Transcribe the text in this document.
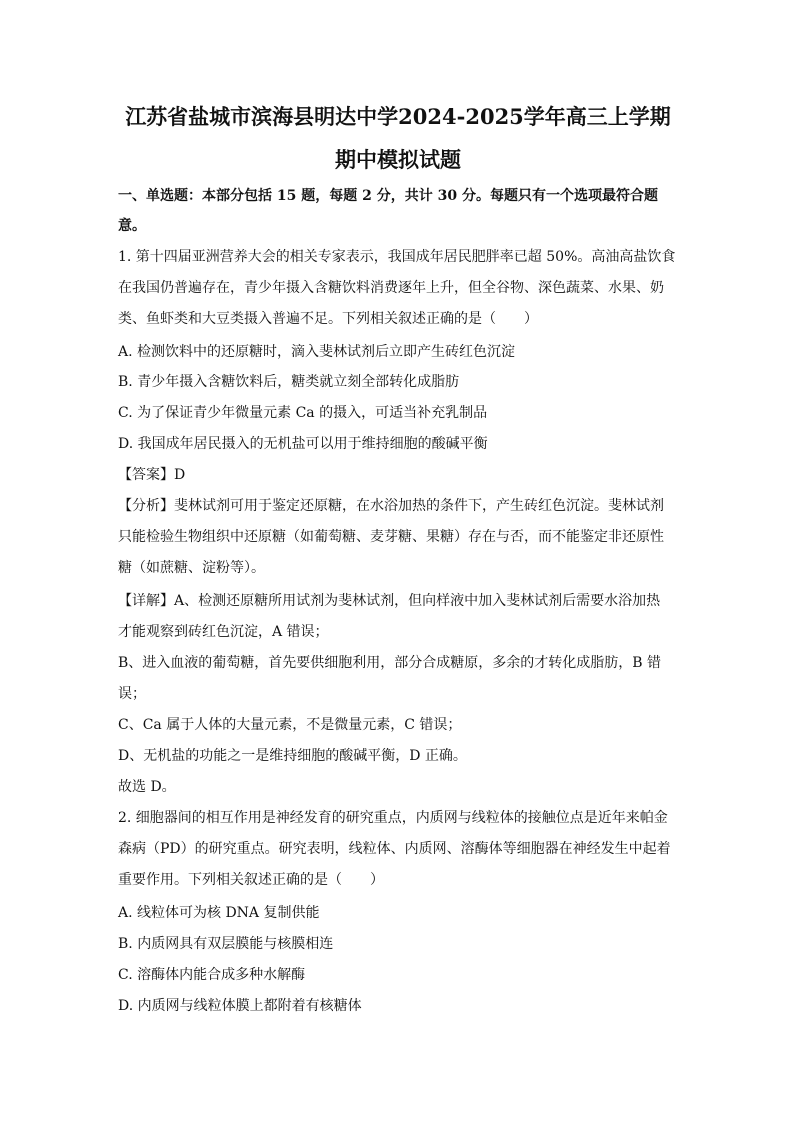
江苏省盐城市滨海县明达中学2024-2025学年高三上学期
期中模拟试题
一、单选题：本部分包括 15 题，每题 2 分，共计 30 分。每题只有一个选项最符合题
意。
1. 第十四届亚洲营养大会的相关专家表示，我国成年居民肥胖率已超 50%。高油高盐饮食
在我国仍普遍存在，青少年摄入含糖饮料消费逐年上升，但全谷物、深色蔬菜、水果、奶
类、鱼虾类和大豆类摄入普遍不足。下列相关叙述正确的是（　　）
A. 检测饮料中的还原糖时，滴入斐林试剂后立即产生砖红色沉淀
B. 青少年摄入含糖饮料后，糖类就立刻全部转化成脂肪
C. 为了保证青少年微量元素 Ca 的摄入，可适当补充乳制品
D. 我国成年居民摄入的无机盐可以用于维持细胞的酸碱平衡
【答案】D
【分析】斐林试剂可用于鉴定还原糖，在水浴加热的条件下，产生砖红色沉淀。斐林试剂
只能检验生物组织中还原糖（如葡萄糖、麦芽糖、果糖）存在与否，而不能鉴定非还原性
糖（如蔗糖、淀粉等）。
【详解】A、检测还原糖所用试剂为斐林试剂，但向样液中加入斐林试剂后需要水浴加热
才能观察到砖红色沉淀，A 错误；
B、进入血液的葡萄糖，首先要供细胞利用，部分合成糖原，多余的才转化成脂肪，B 错
误；
C、Ca 属于人体的大量元素，不是微量元素，C 错误；
D、无机盐的功能之一是维持细胞的酸碱平衡，D 正确。
故选 D。
2. 细胞器间的相互作用是神经发育的研究重点，内质网与线粒体的接触位点是近年来帕金
森病（PD）的研究重点。研究表明，线粒体、内质网、溶酶体等细胞器在神经发生中起着
重要作用。下列相关叙述正确的是（　　）
A. 线粒体可为核 DNA 复制供能
B. 内质网具有双层膜能与核膜相连
C. 溶酶体内能合成多种水解酶
D. 内质网与线粒体膜上都附着有核糖体
